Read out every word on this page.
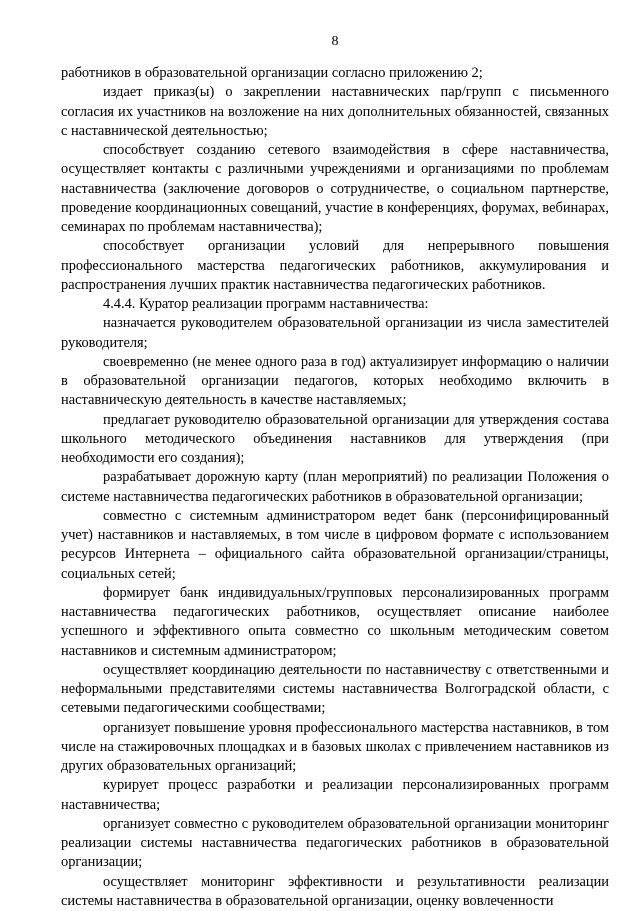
8

работников в образовательной организации согласно приложению 2;

издает приказ(ы) о закреплении наставнических пар/групп с письменного согласия их участников на возложение на них дополнительных обязанностей, связанных с наставнической деятельностью;

способствует созданию сетевого взаимодействия в сфере наставничества, осуществляет контакты с различными учреждениями и организациями по проблемам наставничества (заключение договоров о сотрудничестве, о социальном партнерстве, проведение координационных совещаний, участие в конференциях, форумах, вебинарах, семинарах по проблемам наставничества);

способствует организации условий для непрерывного повышения профессионального мастерства педагогических работников, аккумулирования и распространения лучших практик наставничества педагогических работников.

4.4.4. Куратор реализации программ наставничества:

назначается руководителем образовательной организации из числа заместителей руководителя;

своевременно (не менее одного раза в год) актуализирует информацию о наличии в образовательной организации педагогов, которых необходимо включить в наставническую деятельность в качестве наставляемых;

предлагает руководителю образовательной организации для утверждения состава школьного методического объединения наставников для утверждения (при необходимости его создания);

разрабатывает дорожную карту (план мероприятий) по реализации Положения о системе наставничества педагогических работников в образовательной организации;

совместно с системным администратором ведет банк (персонифицированный учет) наставников и наставляемых, в том числе в цифровом формате с использованием ресурсов Интернета – официального сайта образовательной организации/страницы, социальных сетей;

формирует банк индивидуальных/групповых персонализированных программ наставничества педагогических работников, осуществляет описание наиболее успешного и эффективного опыта совместно со школьным методическим советом наставников и системным администратором;

осуществляет координацию деятельности по наставничеству с ответственными и неформальными представителями системы наставничества Волгоградской области, с сетевыми педагогическими сообществами;

организует повышение уровня профессионального мастерства наставников, в том числе на стажировочных площадках и в базовых школах с привлечением наставников из других образовательных организаций;

курирует процесс разработки и реализации персонализированных программ наставничества;

организует совместно с руководителем образовательной организации мониторинг реализации системы наставничества педагогических работников в образовательной организации;

осуществляет мониторинг эффективности и результативности реализации системы наставничества в образовательной организации, оценку вовлеченности
